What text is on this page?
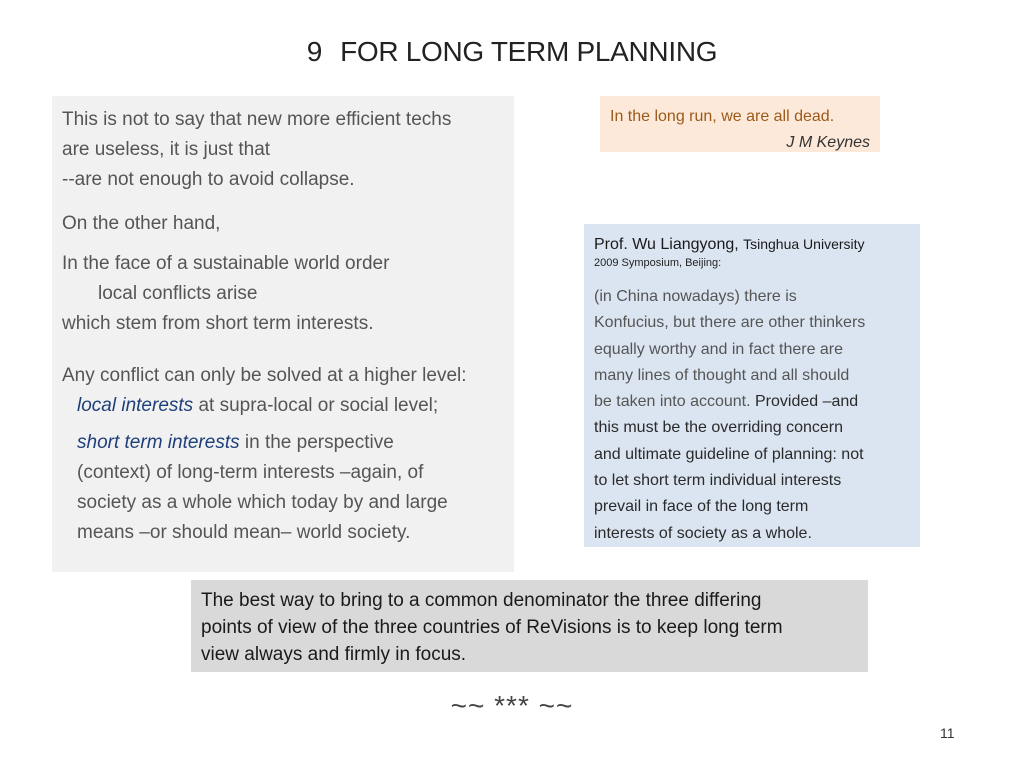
9 FOR LONG TERM PLANNING

This is not to say that new more efficient techs

are useless, it is just that

--are not enough to avoid collapse.

On the other hand,

In the face of a sustainable world order

local conflicts arise

which stem from short term interests.

Any conflict can only be solved at a higher level:

local interests at supra-local or social level;

short term interests in the perspective

(context) of long-term interests –again, of

society as a whole which today by and large

means –or should mean– world society.

In the long run, we are all dead.
J M Keynes
Prof. Wu Liangyong, Tsinghua University
2009 Symposium, Beijing:
(in China nowadays) there is
Konfucius, but there are other thinkers
equally worthy and in fact there are
many lines of thought and all should
be taken into account. Provided –and
this must be the overriding concern
and ultimate guideline of planning: not
to let short term individual interests
prevail in face of the long term
interests of society as a whole.
The best way to bring to a common denominator the three differing
points of view of the three countries of ReVisions is to keep long term
view always and firmly in focus.
~~ *** ~~
11
